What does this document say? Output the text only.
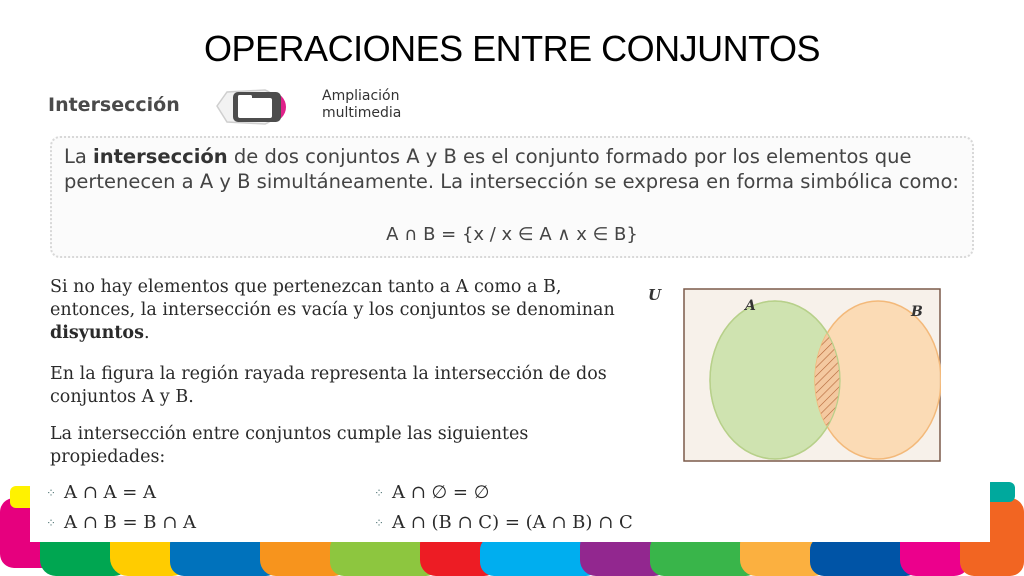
OPERACIONES ENTRE CONJUNTOS
Intersección	Ampliación
multimedia
La intersección de dos conjuntos A y B es el conjunto formado por los elementos que pertenecen a A y B simultáneamente. La intersección se expresa en forma simbólica como:
A ∩ B = {x / x ∈ A ∧ x ∈ B}
Si no hay elementos que pertenezcan tanto a A como a B, entonces, la intersección es vacía y los conjuntos se denominan disyuntos.
En la figura la región rayada representa la intersección de dos conjuntos A y B.
La intersección entre conjuntos cumple las siguientes propiedades:
U
A	B
⁘ A ∩ A = A	⁘ A ∩ ∅ = ∅
⁘ A ∩ B = B ∩ A	⁘ A ∩ (B ∩ C) = (A ∩ B) ∩ C
